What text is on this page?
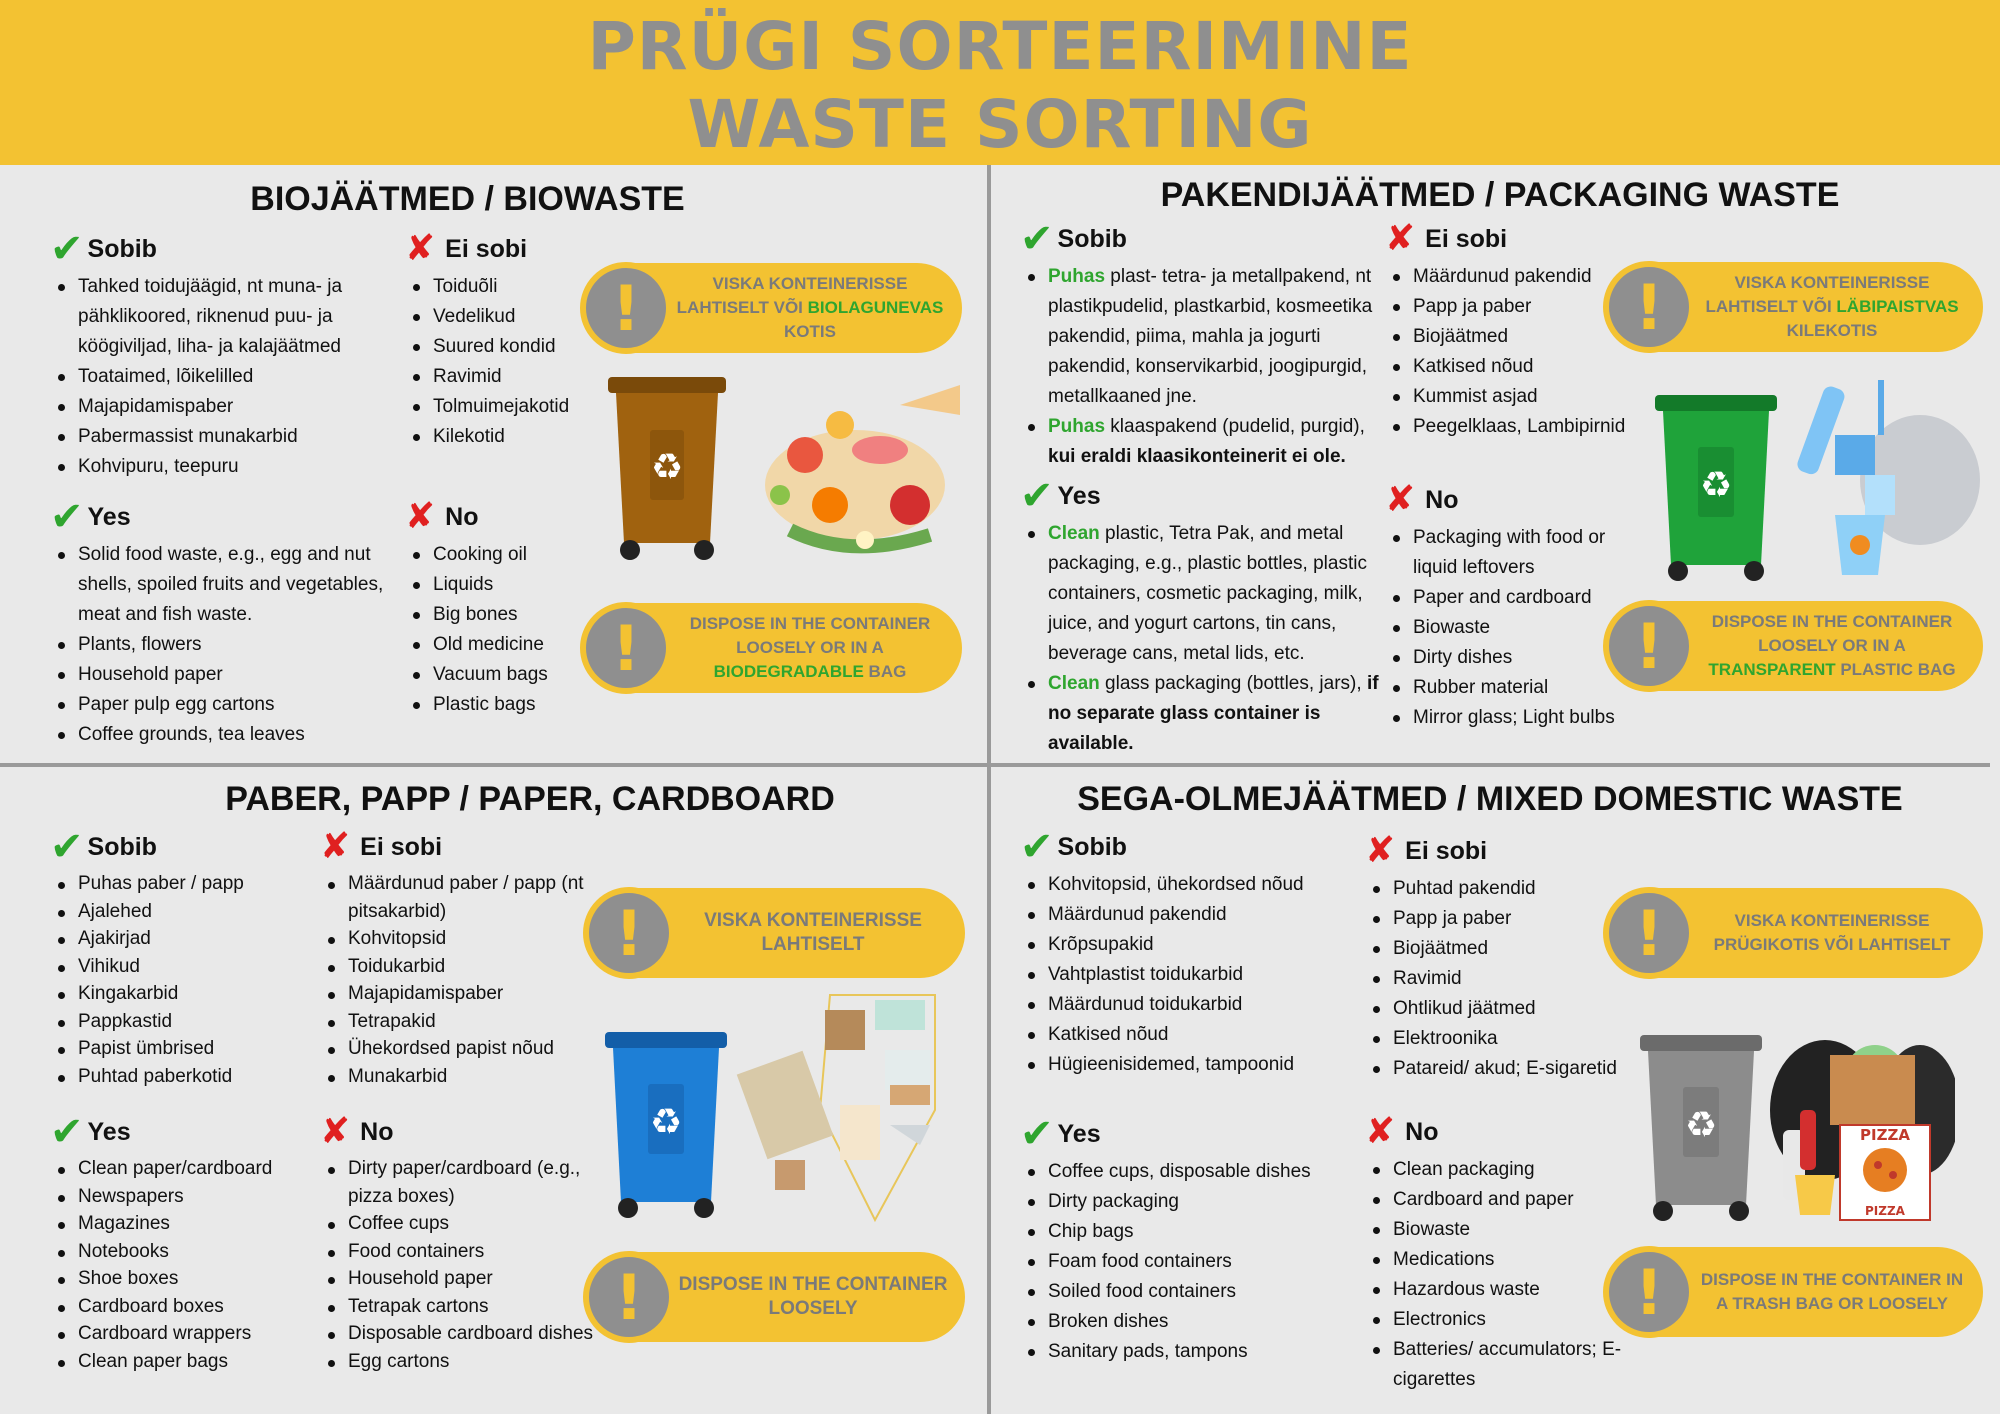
PRÜGI SORTEERIMINE
WASTE SORTING
BIOJÄÄTMED / BIOWASTE
✔ Sobib
Tahked toidujäägid, nt muna- ja pähklikoored, riknenud puu- ja köögiviljad, liha- ja kalajäätmed
Toataimed, lõikelilled
Majapidamispaber
Pabermassist munakarbid
Kohvipuru, teepuru
✘ Ei sobi
Toiduõli
Vedelikud
Suured kondid
Ravimid
Tolmuimejakotid
Kilekotid
✔ Yes
Solid food waste, e.g., egg and nut shells, spoiled fruits and vegetables, meat and fish waste.
Plants, flowers
Household paper
Paper pulp egg cartons
Coffee grounds, tea leaves
✘ No
Cooking oil
Liquids
Big bones
Old medicine
Vacuum bags
Plastic bags
!	VISKA KONTEINERISSE LAHTISELT VÕI BIOLAGUNEVAS KOTIS
!	DISPOSE IN THE CONTAINER LOOSELY OR IN A BIODEGRADABLE BAG
♻
PAKENDIJÄÄTMED / PACKAGING WASTE
✔ Sobib
Puhas plast- tetra- ja metallpakend, nt plastikpudelid, plastkarbid, kosmeetika pakendid, piima, mahla ja jogurti pakendid, konservikarbid, joogipurgid, metallkaaned jne.
Puhas klaaspakend (pudelid, purgid), kui eraldi klaasikonteinerit ei ole.
✘ Ei sobi
Määrdunud pakendid
Papp ja paber
Biojäätmed
Katkised nõud
Kummist asjad
Peegelklaas, Lambipirnid
✔ Yes
Clean plastic, Tetra Pak, and metal packaging, e.g., plastic bottles, plastic containers, cosmetic packaging, milk, juice, and yogurt cartons, tin cans, beverage cans, metal lids, etc.
Clean glass packaging (bottles, jars), if no separate glass container is available.
✘ No
Packaging with food or liquid leftovers
Paper and cardboard
Biowaste
Dirty dishes
Rubber material
Mirror glass; Light bulbs
!	VISKA KONTEINERISSE LAHTISELT VÕI LÄBIPAISTVAS KILEKOTIS
!	DISPOSE IN THE CONTAINER LOOSELY OR IN A TRANSPARENT PLASTIC BAG
♻
PABER, PAPP / PAPER, CARDBOARD
✔ Sobib
Puhas paber / papp
Ajalehed
Ajakirjad
Vihikud
Kingakarbid
Pappkastid
Papist ümbrised
Puhtad paberkotid
✘ Ei sobi
Määrdunud paber / papp (nt pitsakarbid)
Kohvitopsid
Toidukarbid
Majapidamispaber
Tetrapakid
Ühekordsed papist nõud
Munakarbid
✔ Yes
Clean paper/cardboard
Newspapers
Magazines
Notebooks
Shoe boxes
Cardboard boxes
Cardboard wrappers
Clean paper bags
✘ No
Dirty paper/cardboard (e.g., pizza boxes)
Coffee cups
Food containers
Household paper
Tetrapak cartons
Disposable cardboard dishes
Egg cartons
!	VISKA KONTEINERISSE LAHTISELT
!	DISPOSE IN THE CONTAINER LOOSELY
♻
SEGA-OLMEJÄÄTMED / MIXED DOMESTIC WASTE
✔ Sobib
Kohvitopsid, ühekordsed nõud
Määrdunud pakendid
Krõpsupakid
Vahtplastist toidukarbid
Määrdunud toidukarbid
Katkised nõud
Hügieenisidemed, tampoonid
✘ Ei sobi
Puhtad pakendid
Papp ja paber
Biojäätmed
Ravimid
Ohtlikud jäätmed
Elektroonika
Patareid/ akud; E-sigaretid
✔ Yes
Coffee cups, disposable dishes
Dirty packaging
Chip bags
Foam food containers
Soiled food containers
Broken dishes
Sanitary pads, tampons
✘ No
Clean packaging
Cardboard and paper
Biowaste
Medications
Hazardous waste
Electronics
Batteries/ accumulators; E-cigarettes
!	VISKA KONTEINERISSE PRÜGIKOTIS VÕI LAHTISELT
!	DISPOSE IN THE CONTAINER IN A TRASH BAG OR LOOSELY
♻	PIZZA
PIZZA
